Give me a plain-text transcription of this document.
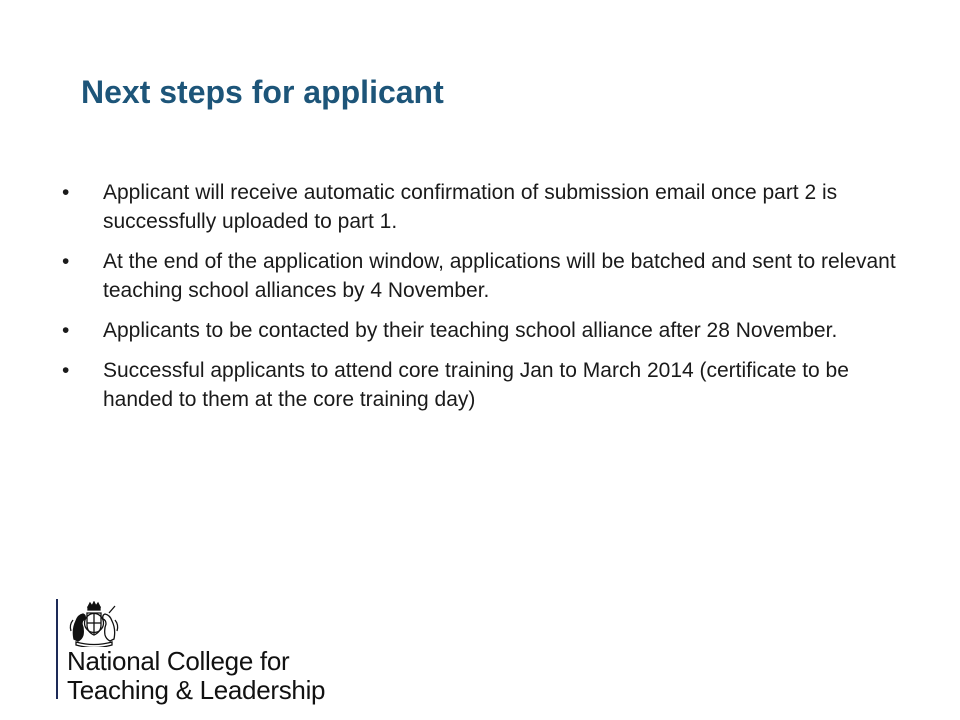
Next steps for applicant
•	Applicant will receive automatic confirmation of submission email once part 2 is successfully uploaded to part 1.
•	At the end of the application window, applications will be batched and sent to relevant teaching school alliances by 4 November.
•	Applicants to be contacted by their teaching school alliance after 28 November.
•	Successful applicants to attend core training Jan to March 2014 (certificate to be handed to them at the core training day)
National College for
Teaching & Leadership
